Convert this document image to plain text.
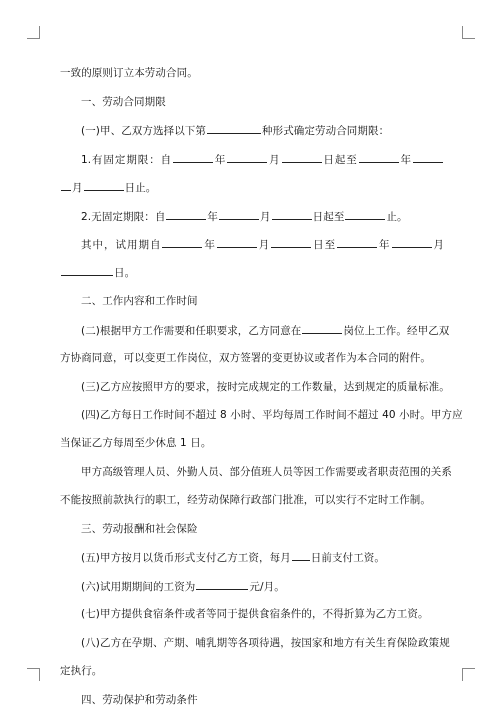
一致的原则订立本劳动合同。
一、劳动合同期限
(一)甲、乙双方选择以下第	种形式确定劳动合同期限：
1.有固定期限：自	年	月	日起至	年
月	日止。
2.无固定期限：自	年	月	日起至	止。
其中，试用期自	年	月	日至	年	月
日。
二、工作内容和工作时间
(二)根据甲方工作需要和任职要求，乙方同意在	岗位上工作。经甲乙双
方协商同意，可以变更工作岗位，双方签署的变更协议或者作为本合同的附件。
(三)乙方应按照甲方的要求，按时完成规定的工作数量，达到规定的质量标准。
(四)乙方每日工作时间不超过 8 小时、平均每周工作时间不超过 40 小时。甲方应
当保证乙方每周至少休息 1 日。
甲方高级管理人员、外勤人员、部分值班人员等因工作需要或者职责范围的关系
不能按照前款执行的职工，经劳动保障行政部门批准，可以实行不定时工作制。
三、劳动报酬和社会保险
(五)甲方按月以货币形式支付乙方工资，每月 日前支付工资。
(六)试用期期间的工资为	元/月。
(七)甲方提供食宿条件或者等同于提供食宿条件的，不得折算为乙方工资。
(八)乙方在孕期、产期、哺乳期等各项待遇，按国家和地方有关生育保险政策规
定执行。
四、劳动保护和劳动条件
